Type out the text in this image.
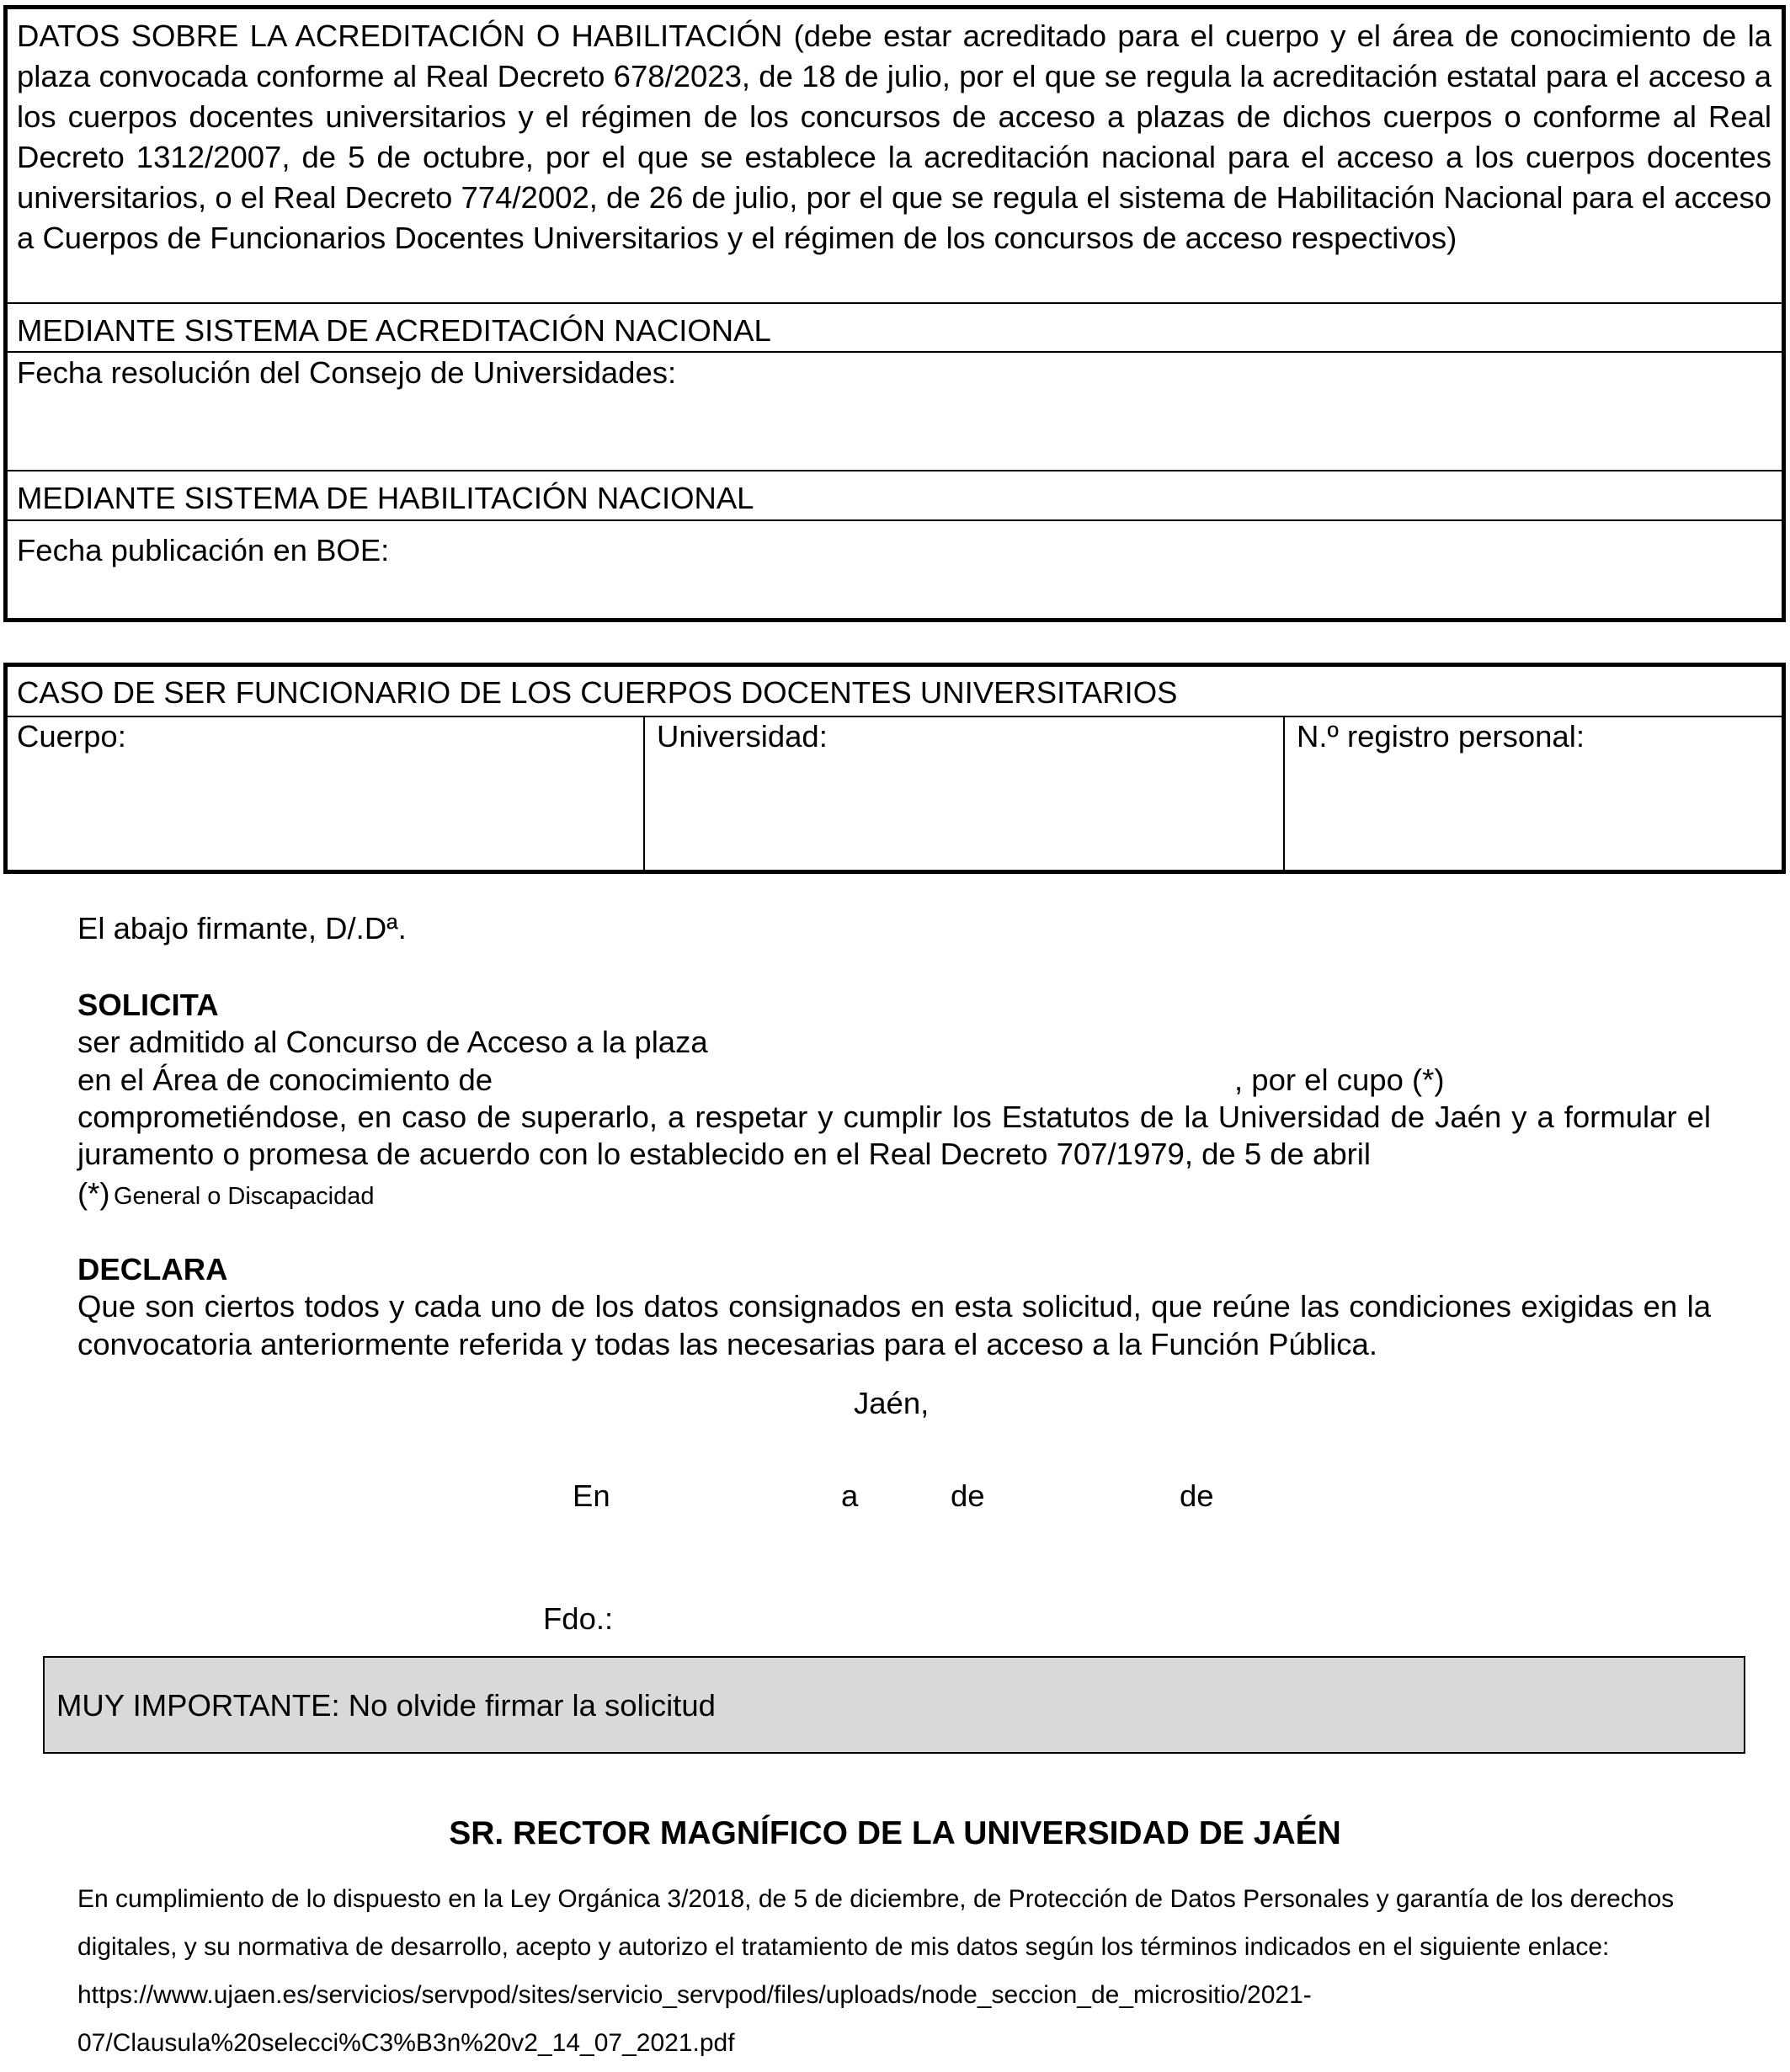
DATOS SOBRE LA ACREDITACIÓN O HABILITACIÓN (debe estar acreditado para el cuerpo y el área de conocimiento de la plaza convocada conforme al Real Decreto 678/2023, de 18 de julio, por el que se regula la acreditación estatal para el acceso a los cuerpos docentes universitarios y el régimen de los concursos de acceso a plazas de dichos cuerpos o conforme al Real Decreto 1312/2007, de 5 de octubre, por el que se establece la acreditación nacional para el acceso a los cuerpos docentes universitarios, o el Real Decreto 774/2002, de 26 de julio, por el que se regula el sistema de Habilitación Nacional para el acceso a Cuerpos de Funcionarios Docentes Universitarios y el régimen de los concursos de acceso respectivos)
MEDIANTE SISTEMA DE ACREDITACIÓN NACIONAL
Fecha resolución del Consejo de Universidades:
MEDIANTE SISTEMA DE HABILITACIÓN NACIONAL
Fecha publicación en BOE:
CASO DE SER FUNCIONARIO DE LOS CUERPOS DOCENTES UNIVERSITARIOS
Cuerpo:	Universidad:	N.º registro personal:
El abajo firmante, D/.Dª.
SOLICITA
ser admitido al Concurso de Acceso a la plaza
en el Área de conocimiento de	, por el cupo (*)
comprometiéndose, en caso de superarlo, a respetar y cumplir los Estatutos de la Universidad de Jaén y a formular el juramento o promesa de acuerdo con lo establecido en el Real Decreto 707/1979, de 5 de abril
(*) General o Discapacidad
DECLARA
Que son ciertos todos y cada uno de los datos consignados en esta solicitud, que reúne las condiciones exigidas en la convocatoria anteriormente referida y todas las necesarias para el acceso a la Función Pública.
Jaén,
En	a	de	de
Fdo.:
MUY IMPORTANTE: No olvide firmar la solicitud
SR. RECTOR MAGNÍFICO DE LA UNIVERSIDAD DE JAÉN
En cumplimiento de lo dispuesto en la Ley Orgánica 3/2018, de 5 de diciembre, de Protección de Datos Personales y garantía de los derechos
digitales, y su normativa de desarrollo, acepto y autorizo el tratamiento de mis datos según los términos indicados en el siguiente enlace:
https://www.ujaen.es/servicios/servpod/sites/servicio_servpod/files/uploads/node_seccion_de_micrositio/2021-
07/Clausula%20selecci%C3%B3n%20v2_14_07_2021.pdf
